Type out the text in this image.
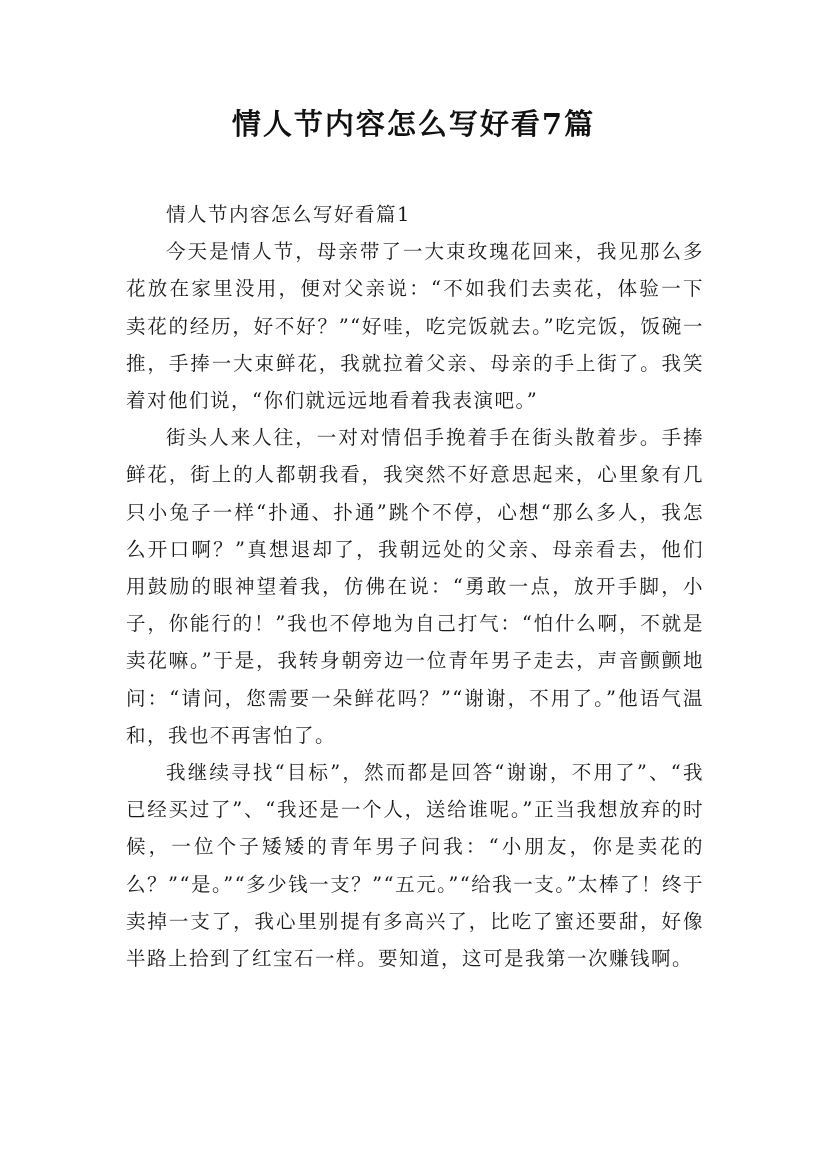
情人节内容怎么写好看7篇
情人节内容怎么写好看篇1

今天是情人节，母亲带了一大束玫瑰花回来，我见那么多花放在家里没用，便对父亲说：“不如我们去卖花，体验一下卖花的经历，好不好？”“好哇，吃完饭就去。”吃完饭，饭碗一推，手捧一大束鲜花，我就拉着父亲、母亲的手上街了。我笑着对他们说，“你们就远远地看着我表演吧。”

街头人来人往，一对对情侣手挽着手在街头散着步。手捧鲜花，街上的人都朝我看，我突然不好意思起来，心里象有几只小兔子一样“扑通、扑通”跳个不停，心想“那么多人，我怎么开口啊？”真想退却了，我朝远处的父亲、母亲看去，他们用鼓励的眼神望着我，仿佛在说：“勇敢一点，放开手脚，小子，你能行的！”我也不停地为自己打气：“怕什么啊，不就是卖花嘛。”于是，我转身朝旁边一位青年男子走去，声音颤颤地问：“请问，您需要一朵鲜花吗？”“谢谢，不用了。”他语气温和，我也不再害怕了。

我继续寻找“目标”，然而都是回答“谢谢，不用了”、“我已经买过了”、“我还是一个人，送给谁呢。”正当我想放弃的时候，一位个子矮矮的青年男子问我：“小朋友，你是卖花的么？”“是。”“多少钱一支？”“五元。”“给我一支。”太棒了！终于卖掉一支了，我心里别提有多高兴了，比吃了蜜还要甜，好像半路上拾到了红宝石一样。要知道，这可是我第一次赚钱啊。
